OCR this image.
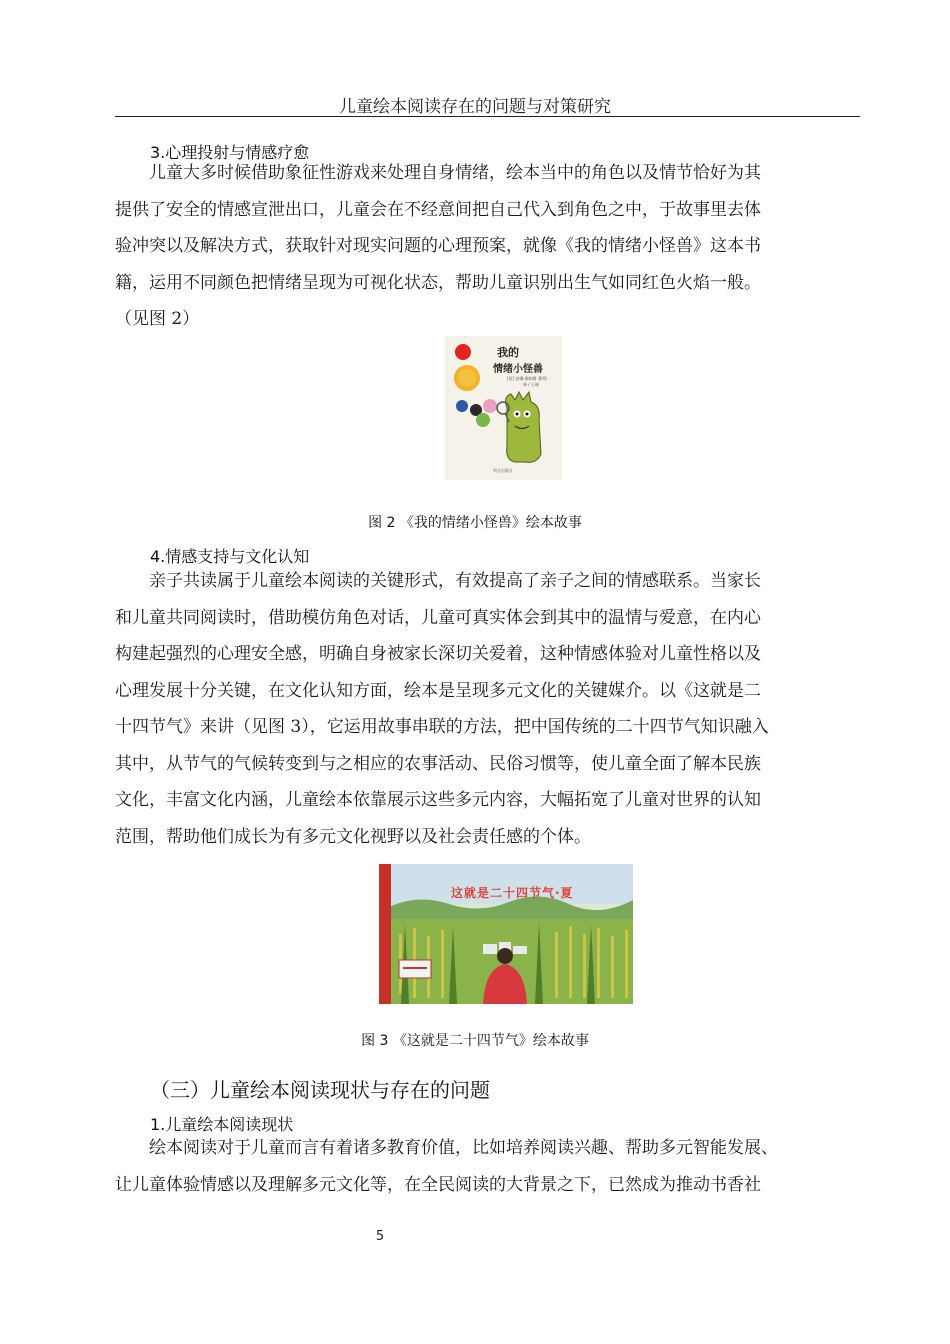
儿童绘本阅读存在的问题与对策研究
3.心理投射与情感疗愈

儿童大多时候借助象征性游戏来处理自身情绪，绘本当中的角色以及情节恰好为其

提供了安全的情感宣泄出口，儿童会在不经意间把自己代入到角色之中，于故事里去体

验冲突以及解决方式，获取针对现实问题的心理预案，就像《我的情绪小怪兽》这本书

籍，运用不同颜色把情绪呈现为可视化状态，帮助儿童识别出生气如同红色火焰一般。

（见图 2）

我的
情绪小怪兽
[西] 安娜·耶纳斯 著/绘
译 / 王瑞
明天出版社
图 2 《我的情绪小怪兽》绘本故事
4.情感支持与文化认知

亲子共读属于儿童绘本阅读的关键形式，有效提高了亲子之间的情感联系。当家长

和儿童共同阅读时，借助模仿角色对话，儿童可真实体会到其中的温情与爱意，在内心

构建起强烈的心理安全感，明确自身被家长深切关爱着，这种情感体验对儿童性格以及

心理发展十分关键，在文化认知方面，绘本是呈现多元文化的关键媒介。以《这就是二

十四节气》来讲（见图 3），它运用故事串联的方法，把中国传统的二十四节气知识融入

其中，从节气的气候转变到与之相应的农事活动、民俗习惯等，使儿童全面了解本民族

文化，丰富文化内涵，儿童绘本依靠展示这些多元内容，大幅拓宽了儿童对世界的认知

范围，帮助他们成长为有多元文化视野以及社会责任感的个体。

这就是二十四节气·夏
图 3 《这就是二十四节气》绘本故事
（三）儿童绘本阅读现状与存在的问题
1.儿童绘本阅读现状

绘本阅读对于儿童而言有着诸多教育价值，比如培养阅读兴趣、帮助多元智能发展、

让儿童体验情感以及理解多元文化等，在全民阅读的大背景之下，已然成为推动书香社

5
